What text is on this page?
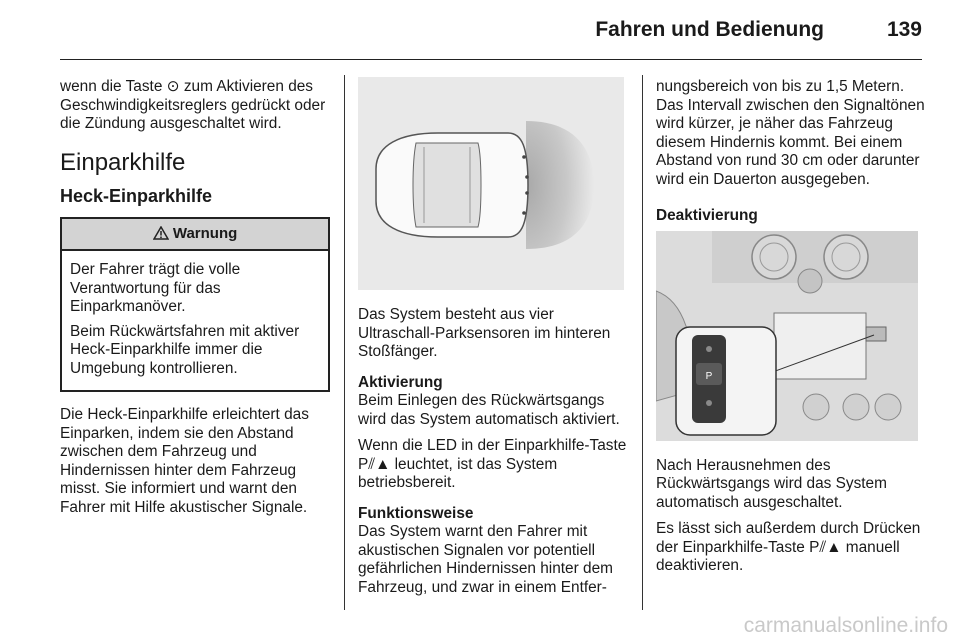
Fahren und Bedienung	139

wenn die Taste ⊙ zum Aktivieren des Geschwindigkeitsreglers gedrückt oder die Zündung ausgeschaltet wird.

Einparkhilfe
Heck-Einparkhilfe
Warnung

Der Fahrer trägt die volle Verantwortung für das Einparkmanöver.

Beim Rückwärtsfahren mit aktiver Heck-Einparkhilfe immer die Umgebung kontrollieren.

Die Heck-Einparkhilfe erleichtert das Einparken, indem sie den Abstand zwischen dem Fahrzeug und Hindernissen hinter dem Fahrzeug misst. Sie informiert und warnt den Fahrer mit Hilfe akustischer Signale.

Das System besteht aus vier Ultraschall-Parksensoren im hinteren Stoßfänger.

Aktivierung

Beim Einlegen des Rückwärtsgangs wird das System automatisch aktiviert.

Wenn die LED in der Einparkhilfe-Taste P⫽▲ leuchtet, ist das System betriebsbereit.

Funktionsweise

Das System warnt den Fahrer mit akustischen Signalen vor potentiell gefährlichen Hindernissen hinter dem Fahrzeug, und zwar in einem Entfer-

nungsbereich von bis zu 1,5 Metern. Das Intervall zwischen den Signaltönen wird kürzer, je näher das Fahrzeug diesem Hindernis kommt. Bei einem Abstand von rund 30 cm oder darunter wird ein Dauerton ausgegeben.

Deaktivierung
P

Nach Herausnehmen des Rückwärtsgangs wird das System automatisch ausgeschaltet.

Es lässt sich außerdem durch Drücken der Einparkhilfe-Taste P⫽▲ manuell deaktivieren.

carmanualsonline.info
